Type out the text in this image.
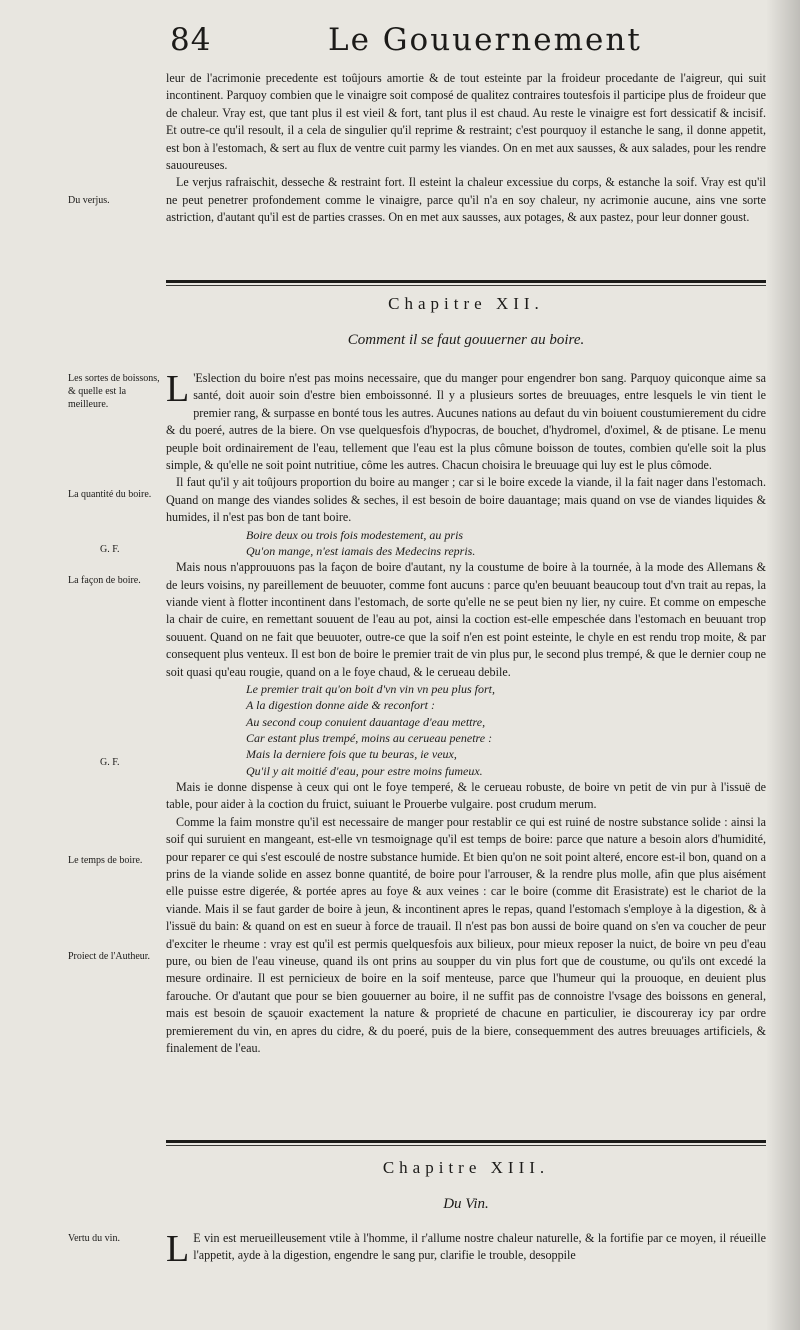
84	Le Gouuernement
Du verjus.
Les sortes de boissons, & quelle est la meilleure.
La quantité du boire.
G. F.
La façon de boire.
G. F.
Le temps de boire.
Proiect de l'Autheur.
Vertu du vin.

leur de l'acrimonie precedente est toûjours amortie & de tout esteinte par la froideur procedante de l'aigreur, qui suit incontinent. Parquoy combien que le vinaigre soit composé de qualitez contraires toutesfois il participe plus de froideur que de chaleur. Vray est, que tant plus il est vieil & fort, tant plus il est chaud. Au reste le vinaigre est fort dessicatif & incisif. Et outre-ce qu'il resoult, il a cela de singulier qu'il reprime & restraint; c'est pourquoy il estanche le sang, il donne appetit, est bon à l'estomach, & sert au flux de ventre cuit parmy les viandes. On en met aux sausses, & aux salades, pour les rendre sauoureuses.

Le verjus rafraischit, desseche & restraint fort. Il esteint la chaleur excessiue du corps, & estanche la soif. Vray est qu'il ne peut penetrer profondement comme le vinaigre, parce qu'il n'a en soy chaleur, ny acrimonie aucune, ains vne sorte astriction, d'autant qu'il est de parties crasses. On en met aux sausses, aux potages, & aux pastez, pour leur donner goust.

Chapitre XII.
Comment il se faut gouuerner au boire.

L 'Eslection du boire n'est pas moins necessaire, que du manger pour engendrer bon sang. Parquoy quiconque aime sa santé, doit auoir soin d'estre bien emboissonné. Il y a plusieurs sortes de breuuages, entre lesquels le vin tient le premier rang, & surpasse en bonté tous les autres. Aucunes nations au defaut du vin boiuent coustumierement du cidre & du poeré, autres de la biere. On vse quelquesfois d'hypocras, de bouchet, d'hydromel, d'oximel, & de ptisane. Le menu peuple boit ordinairement de l'eau, tellement que l'eau est la plus cômune boisson de toutes, combien qu'elle soit la plus simple, & qu'elle ne soit point nutritiue, côme les autres. Chacun choisira le breuuage qui luy est le plus cômode.

Il faut qu'il y ait toûjours proportion du boire au manger ; car si le boire excede la viande, il la fait nager dans l'estomach. Quand on mange des viandes solides & seches, il est besoin de boire dauantage; mais quand on vse de viandes liquides & humides, il n'est pas bon de tant boire.

Boire deux ou trois fois modestement, au pris

Qu'on mange, n'est iamais des Medecins repris.

Mais nous n'approuuons pas la façon de boire d'autant, ny la coustume de boire à la tournée, à la mode des Allemans & de leurs voisins, ny pareillement de beuuoter, comme font aucuns : parce qu'en beuuant beaucoup tout d'vn trait au repas, la viande vient à flotter incontinent dans l'estomach, de sorte qu'elle ne se peut bien ny lier, ny cuire. Et comme on empesche la chair de cuire, en remettant souuent de l'eau au pot, ainsi la coction est-elle empeschée dans l'estomach en beuuant trop souuent. Quand on ne fait que beuuoter, outre-ce que la soif n'en est point esteinte, le chyle en est rendu trop moite, & par consequent plus venteux. Il est bon de boire le premier trait de vin plus pur, le second plus trempé, & que le dernier coup ne soit quasi qu'eau rougie, quand on a le foye chaud, & le cerueau debile.

Le premier trait qu'on boit d'vn vin vn peu plus fort,

A la digestion donne aide & reconfort :

Au second coup conuient dauantage d'eau mettre,

Car estant plus trempé, moins au cerueau penetre :

Mais la derniere fois que tu beuras, ie veux,

Qu'il y ait moitié d'eau, pour estre moins fumeux.

Mais ie donne dispense à ceux qui ont le foye temperé, & le cerueau robuste, de boire vn petit de vin pur à l'issuë de table, pour aider à la coction du fruict, suiuant le Prouerbe vulgaire. post crudum merum.

Comme la faim monstre qu'il est necessaire de manger pour restablir ce qui est ruiné de nostre substance solide : ainsi la soif qui suruient en mangeant, est-elle vn tesmoignage qu'il est temps de boire: parce que nature a besoin alors d'humidité, pour reparer ce qui s'est escoulé de nostre substance humide. Et bien qu'on ne soit point alteré, encore est-il bon, quand on a prins de la viande solide en assez bonne quantité, de boire pour l'arrouser, & la rendre plus molle, afin que plus aisément elle puisse estre digerée, & portée apres au foye & aux veines : car le boire (comme dit Erasistrate) est le chariot de la viande. Mais il se faut garder de boire à jeun, & incontinent apres le repas, quand l'estomach s'employe à la digestion, & à l'issuë du bain: & quand on est en sueur à force de trauail. Il n'est pas bon aussi de boire quand on s'en va coucher de peur d'exciter le rheume : vray est qu'il est permis quelquesfois aux bilieux, pour mieux reposer la nuict, de boire vn peu d'eau pure, ou bien de l'eau vineuse, quand ils ont prins au soupper du vin plus fort que de coustume, ou qu'ils ont excedé la mesure ordinaire. Il est pernicieux de boire en la soif menteuse, parce que l'humeur qui la prouoque, en deuient plus farouche. Or d'autant que pour se bien gouuerner au boire, il ne suffit pas de connoistre l'vsage des boissons en general, mais est besoin de sçauoir exactement la nature & proprieté de chacune en particulier, ie discoureray icy par ordre premierement du vin, en apres du cidre, & du poeré, puis de la biere, consequemment des autres breuuages artificiels, & finalement de l'eau.

Chapitre XIII.
Du Vin.

L E vin est merueilleusement vtile à l'homme, il r'allume nostre chaleur naturelle, & la fortifie par ce moyen, il réueille l'appetit, ayde à la digestion, engendre le sang pur, clarifie le trouble, desoppile
